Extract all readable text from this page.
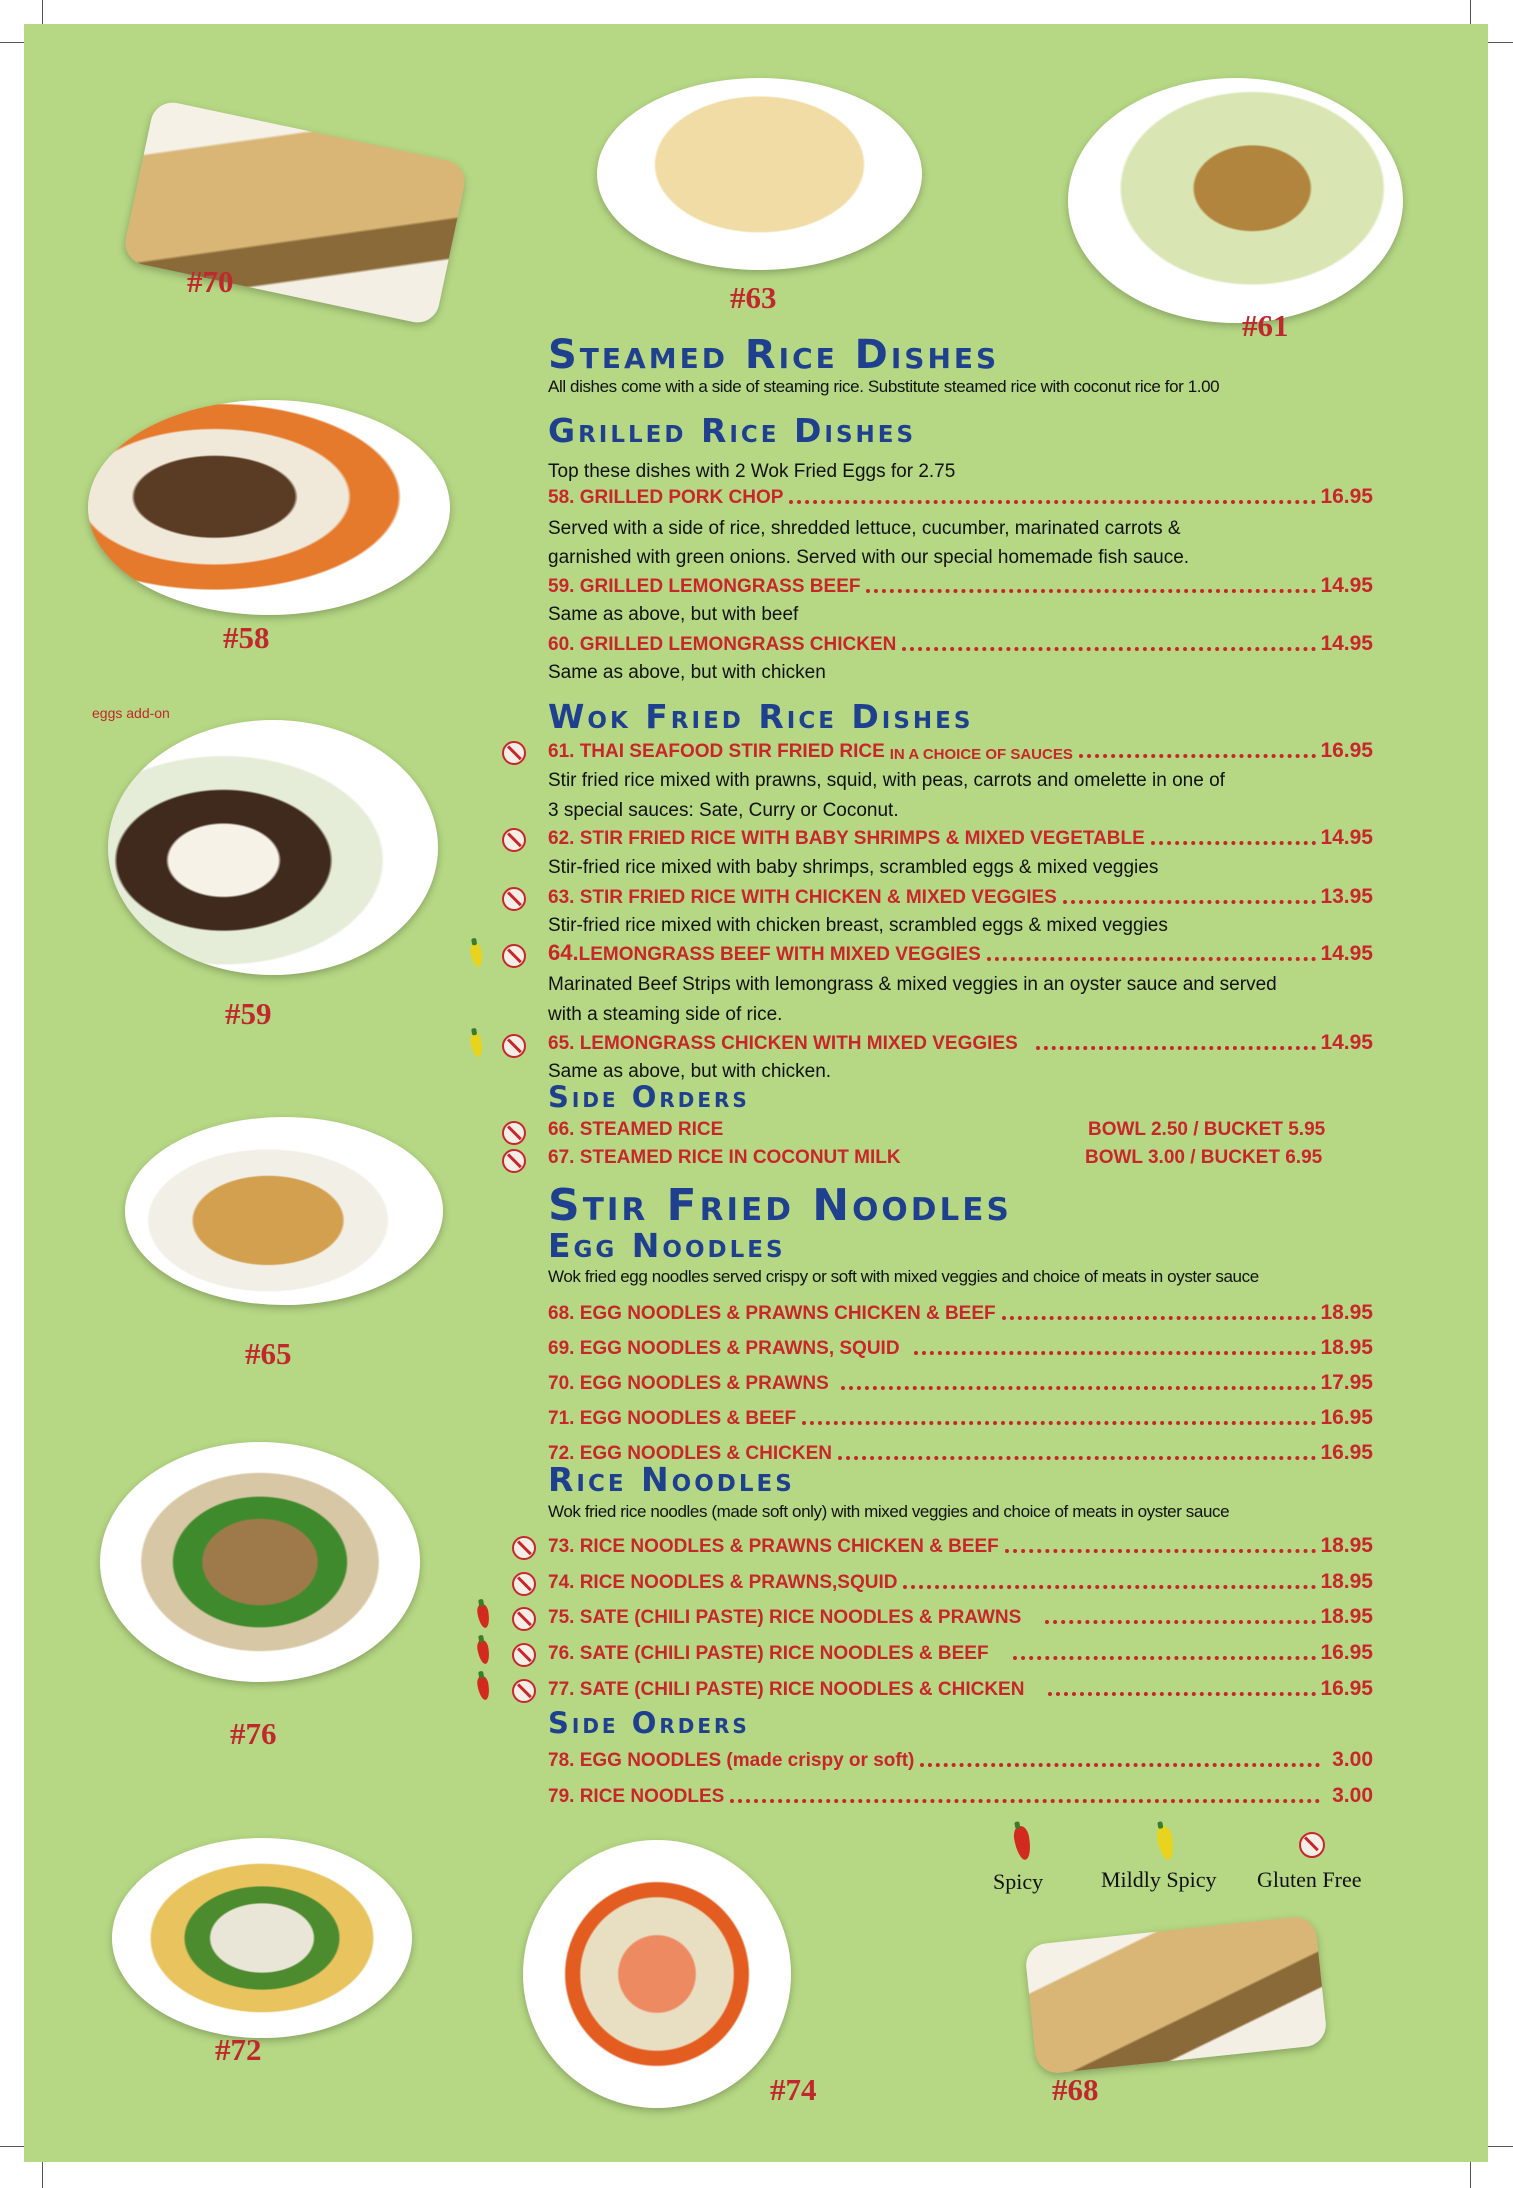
#70	#63
#61
#58
eggs add-on
#59
#65
#76
#72
#74	#68
Steamed Rice Dishes
All dishes come with a side of steaming rice. Substitute steamed rice with coconut rice for 1.00
Grilled Rice Dishes
Top these dishes with 2 Wok Fried Eggs for 2.75
58. GRILLED PORK CHOP	16.95
Served with a side of rice, shredded lettuce, cucumber, marinated carrots &
garnished with green onions. Served with our special homemade fish sauce.
59. GRILLED LEMONGRASS BEEF	14.95
Same as above, but with beef
60. GRILLED LEMONGRASS CHICKEN	14.95
Same as above, but with chicken
Wok Fried Rice Dishes
61. THAI SEAFOOD STIR FRIED RICE IN A CHOICE OF SAUCES	16.95
Stir fried rice mixed with prawns, squid, with peas, carrots and omelette in one of
3 special sauces: Sate, Curry or Coconut.
62. STIR FRIED RICE WITH BABY SHRIMPS & MIXED VEGETABLE	14.95
Stir-fried rice mixed with baby shrimps, scrambled eggs & mixed veggies
63. STIR FRIED RICE WITH CHICKEN & MIXED VEGGIES	13.95
Stir-fried rice mixed with chicken breast, scrambled eggs & mixed veggies
64. LEMONGRASS BEEF WITH MIXED VEGGIES	14.95
Marinated Beef Strips with lemongrass & mixed veggies in an oyster sauce and served
with a steaming side of rice.
65. LEMONGRASS CHICKEN WITH MIXED VEGGIES	14.95
Same as above, but with chicken.
Side Orders
66. STEAMED RICE	BOWL 2.50 / BUCKET 5.95
67. STEAMED RICE IN COCONUT MILK	BOWL 3.00 / BUCKET 6.95
Stir Fried Noodles
Egg Noodles
Wok fried egg noodles served crispy or soft with mixed veggies and choice of meats in oyster sauce
68. EGG NOODLES & PRAWNS CHICKEN & BEEF	18.95
69. EGG NOODLES & PRAWNS, SQUID	18.95
70. EGG NOODLES & PRAWNS	17.95
71. EGG NOODLES & BEEF	16.95
72. EGG NOODLES & CHICKEN	16.95
Rice Noodles
Wok fried rice noodles (made soft only) with mixed veggies and choice of meats in oyster sauce
73. RICE NOODLES & PRAWNS CHICKEN & BEEF	18.95
74. RICE NOODLES & PRAWNS,SQUID	18.95
75. SATE (CHILI PASTE) RICE NOODLES & PRAWNS	18.95
76. SATE (CHILI PASTE) RICE NOODLES & BEEF	16.95
77. SATE (CHILI PASTE) RICE NOODLES & CHICKEN	16.95
Side Orders
78. EGG NOODLES (made crispy or soft)	3.00
79. RICE NOODLES	3.00
Spicy	Mildly Spicy Gluten Free
